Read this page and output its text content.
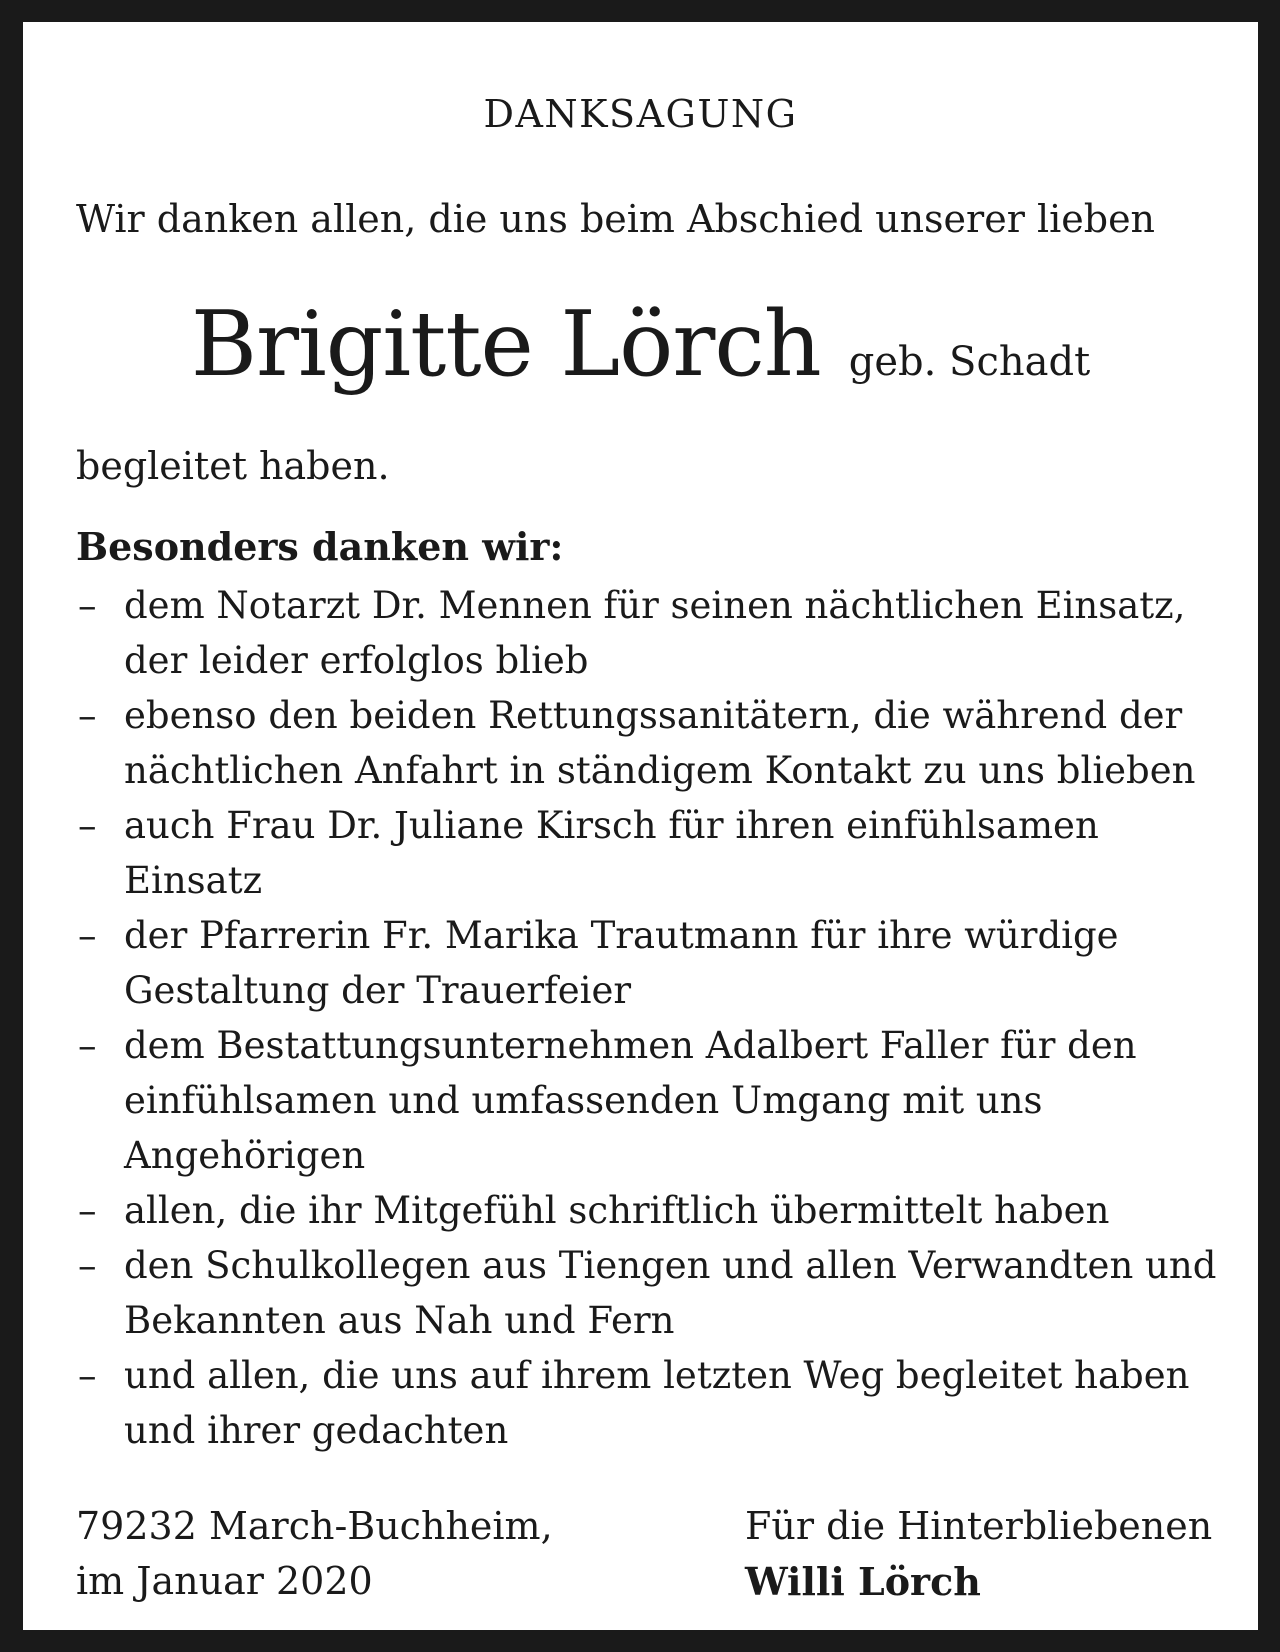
DANKSAGUNG
Wir danken allen, die uns beim Abschied unserer lieben
Brigitte Lörch geb. Schadt
begleitet haben.
Besonders danken wir:
– dem Notarzt Dr. Mennen für seinen nächtlichen Einsatz, der leider erfolglos blieb
– ebenso den beiden Rettungssanitätern, die während der nächtlichen Anfahrt in ständigem Kontakt zu uns blieben
– auch Frau Dr. Juliane Kirsch für ihren einfühlsamen Einsatz
– der Pfarrerin Fr. Marika Trautmann für ihre würdige Gestaltung der Trauerfeier
– dem Bestattungsunternehmen Adalbert Faller für den einfühlsamen und umfassenden Umgang mit uns Angehörigen
– allen, die ihr Mitgefühl schriftlich übermittelt haben
– den Schulkollegen aus Tiengen und allen Verwandten und Bekannten aus Nah und Fern
– und allen, die uns auf ihrem letzten Weg begleitet haben und ihrer gedachten
79232 March-Buchheim,
im Januar 2020
Für die Hinterbliebenen
Willi Lörch
